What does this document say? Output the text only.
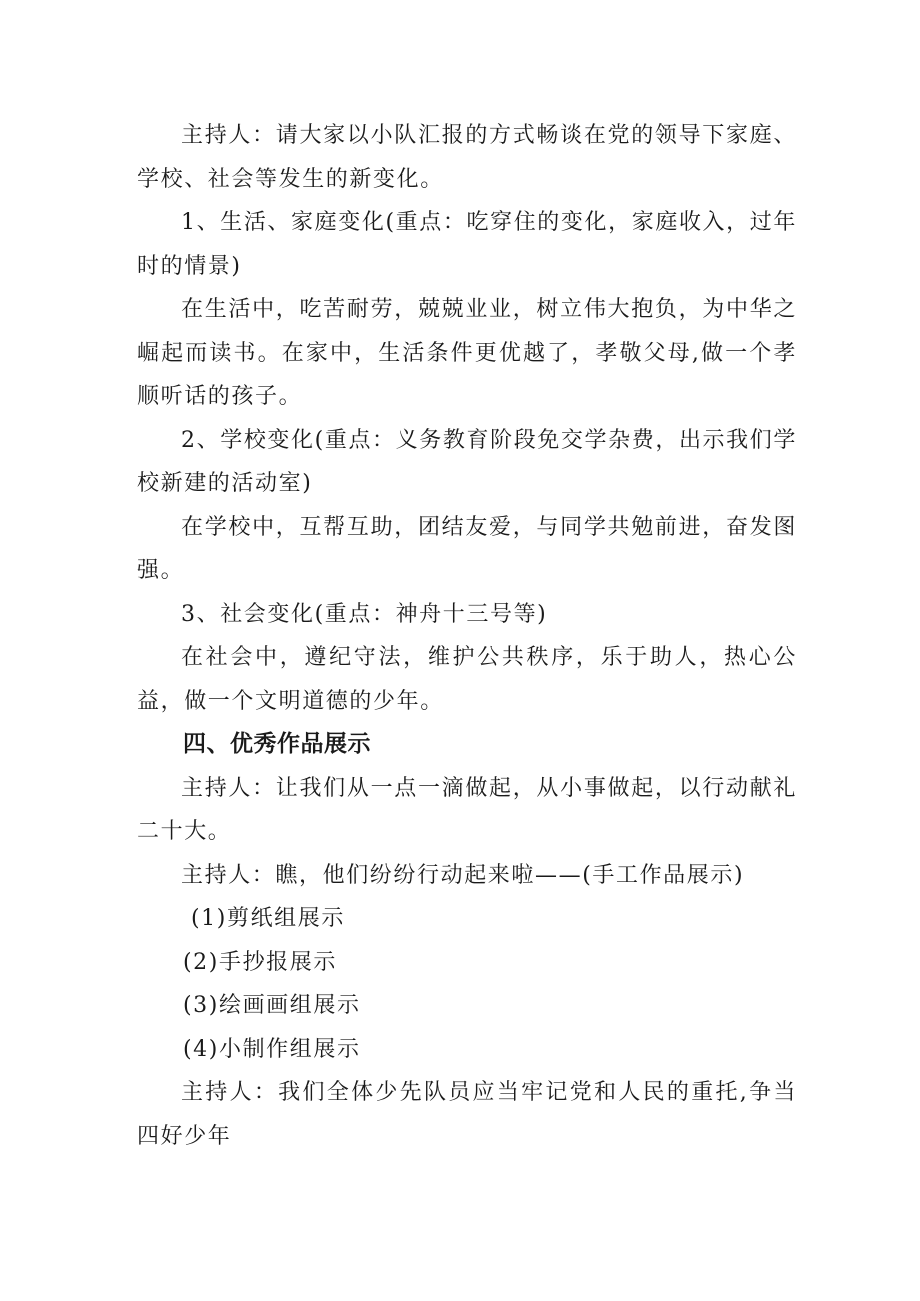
主持人：请大家以小队汇报的方式畅谈在党的领导下家庭、学校、社会等发生的新变化。

1、生活、家庭变化(重点：吃穿住的变化，家庭收入，过年时的情景)

在生活中，吃苦耐劳，兢兢业业，树立伟大抱负，为中华之崛起而读书。在家中，生活条件更优越了，孝敬父母,做一个孝顺听话的孩子。

2、学校变化(重点：义务教育阶段免交学杂费，出示我们学校新建的活动室)

在学校中，互帮互助，团结友爱，与同学共勉前进，奋发图强。

3、社会变化(重点：神舟十三号等)

在社会中，遵纪守法，维护公共秩序，乐于助人，热心公益，做一个文明道德的少年。

四、优秀作品展示

主持人：让我们从一点一滴做起，从小事做起，以行动献礼二十大。

主持人：瞧，他们纷纷行动起来啦——(手工作品展示)

(1)剪纸组展示

(2)手抄报展示

(3)绘画画组展示

(4)小制作组展示

主持人：我们全体少先队员应当牢记党和人民的重托,争当四好少年
